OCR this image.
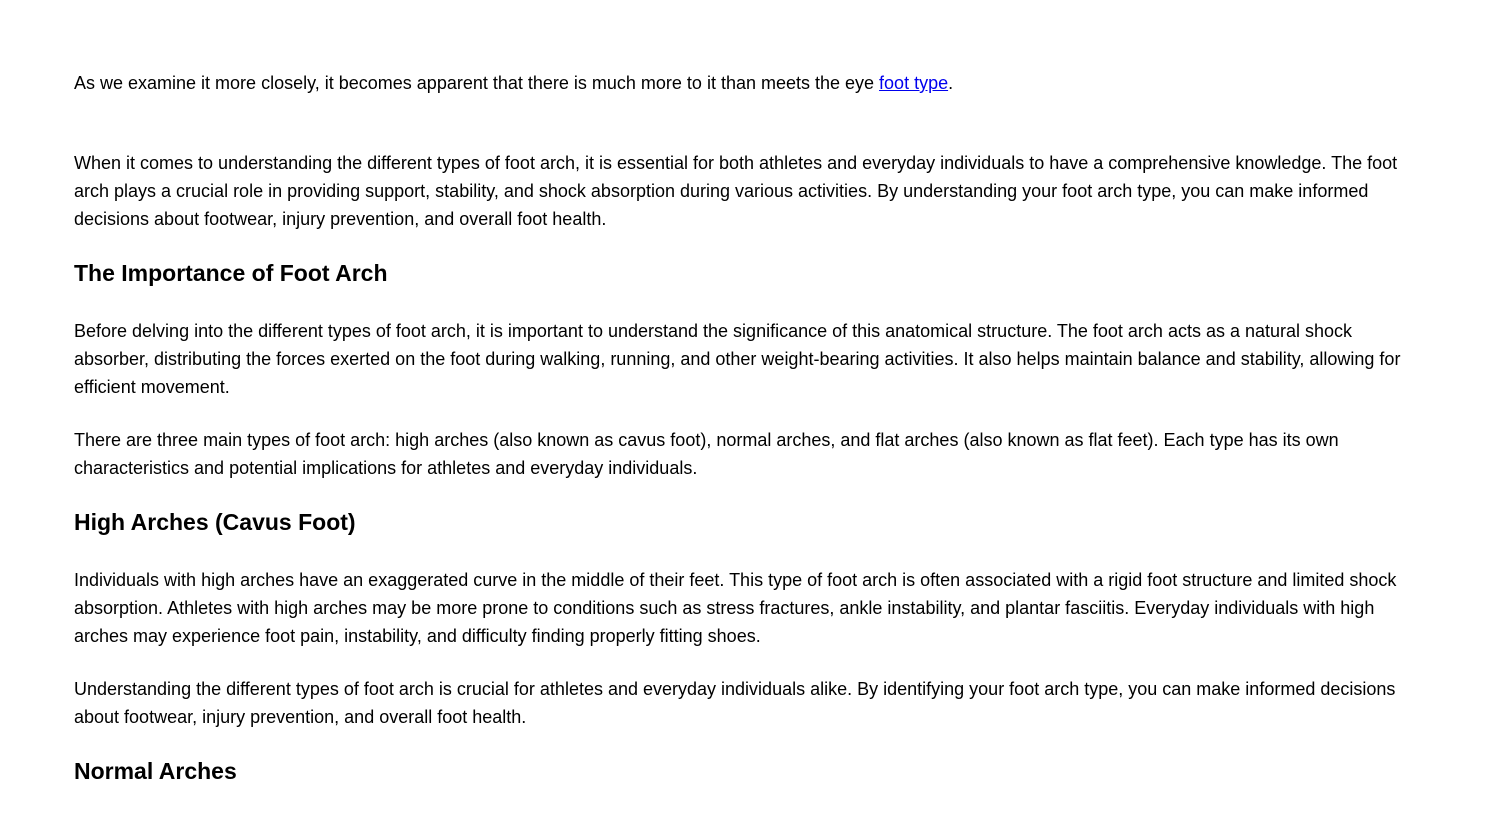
As we examine it more closely, it becomes apparent that there is much more to it than meets the eye foot type.

When it comes to understanding the different types of foot arch, it is essential for both athletes and everyday individuals to have a comprehensive knowledge. The foot arch plays a crucial role in providing support, stability, and shock absorption during various activities. By understanding your foot arch type, you can make informed decisions about footwear, injury prevention, and overall foot health.

The Importance of Foot Arch

Before delving into the different types of foot arch, it is important to understand the significance of this anatomical structure. The foot arch acts as a natural shock absorber, distributing the forces exerted on the foot during walking, running, and other weight-bearing activities. It also helps maintain balance and stability, allowing for efficient movement.

There are three main types of foot arch: high arches (also known as cavus foot), normal arches, and flat arches (also known as flat feet). Each type has its own characteristics and potential implications for athletes and everyday individuals.

High Arches (Cavus Foot)

Individuals with high arches have an exaggerated curve in the middle of their feet. This type of foot arch is often associated with a rigid foot structure and limited shock absorption. Athletes with high arches may be more prone to conditions such as stress fractures, ankle instability, and plantar fasciitis. Everyday individuals with high arches may experience foot pain, instability, and difficulty finding properly fitting shoes.

Understanding the different types of foot arch is crucial for athletes and everyday individuals alike. By identifying your foot arch type, you can make informed decisions about footwear, injury prevention, and overall foot health.

Normal Arches
